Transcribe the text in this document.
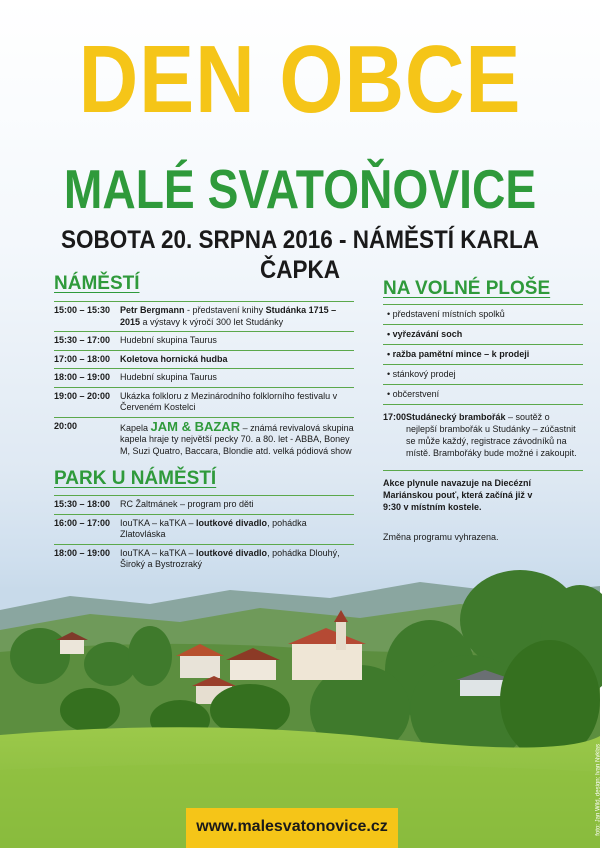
DEN OBCE
MALÉ SVATOŇOVICE
SOBOTA 20. SRPNA 2016 - NÁMĚSTÍ KARLA ČAPKA
NÁMĚSTÍ
15:00 – 15:30	Petr Bergmann - představení knihy Studánka 1715 – 2015 a výstavy k výročí 300 let Studánky
15:30 – 17:00	Hudební skupina Taurus
17:00 – 18:00	Koletova hornická hudba
18:00 – 19:00	Hudební skupina Taurus
19:00 – 20:00	Ukázka folkloru z Mezinárodního folklorního festivalu v Červeném Kostelci
20:00	Kapela JAM & BAZAR – známá revivalová skupina kapela hraje ty největší pecky 70. a 80. let - ABBA, Boney M, Suzi Quatro, Baccara, Blondie atd. velká pódiová show
PARK U NÁMĚSTÍ
15:30 – 18:00	RC Žaltmánek – program pro děti
16:00 – 17:00	IouTKA – kaTKA – loutkové divadlo, pohádka Zlatovláska
18:00 – 19:00	IouTKA – kaTKA – loutkové divadlo, pohádka Dlouhý, Široký a Bystrozraký
NA VOLNÉ PLOŠE
• představení místních spolků
• vyřezávání soch
• ražba pamětní mince – k prodeji
• stánkový prodej
• občerstvení
17:00 Studánecký brambořák – soutěž o nejlepší brambořák u Studánky – zúčastnit se může každý, registrace závodníků na místě. Brambořáky bude možné i zakoupit.
Akce plynule navazuje na Diecézní Mariánskou pouť, která začíná již v 9:30 v místním kostele.
Změna programu vyhrazena.
foto: Jan Wild, design: Ivan Nyklas
www.malesvatonovice.cz
